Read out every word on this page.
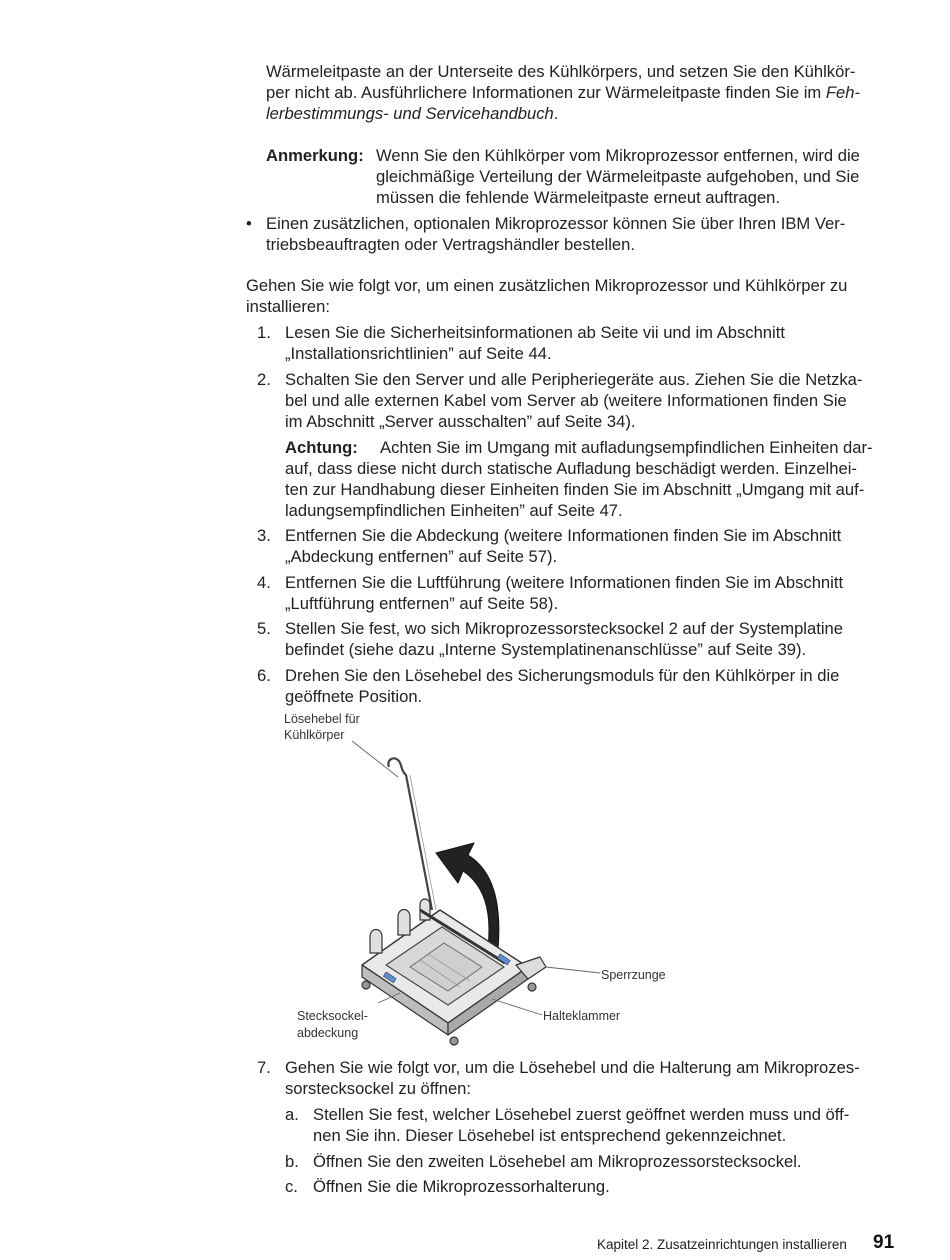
Wärmeleitpaste an der Unterseite des Kühlkörpers, und setzen Sie den Kühlkör-
per nicht ab. Ausführlichere Informationen zur Wärmeleitpaste finden Sie im Feh-
lerbestimmungs- und Servicehandbuch.
Anmerkung: Wenn Sie den Kühlkörper vom Mikroprozessor entfernen, wird die
gleichmäßige Verteilung der Wärmeleitpaste aufgehoben, und Sie
müssen die fehlende Wärmeleitpaste erneut auftragen.
• Einen zusätzlichen, optionalen Mikroprozessor können Sie über Ihren IBM Ver-
triebsbeauftragten oder Vertragshändler bestellen.
Gehen Sie wie folgt vor, um einen zusätzlichen Mikroprozessor und Kühlkörper zu
installieren:
1. Lesen Sie die Sicherheitsinformationen ab Seite vii und im Abschnitt
„Installationsrichtlinien” auf Seite 44.
2. Schalten Sie den Server und alle Peripheriegeräte aus. Ziehen Sie die Netzka-
bel und alle externen Kabel vom Server ab (weitere Informationen finden Sie
im Abschnitt „Server ausschalten” auf Seite 34).
Achtung: Achten Sie im Umgang mit aufladungsempfindlichen Einheiten dar-
auf, dass diese nicht durch statische Aufladung beschädigt werden. Einzelhei-
ten zur Handhabung dieser Einheiten finden Sie im Abschnitt „Umgang mit auf-
ladungsempfindlichen Einheiten” auf Seite 47.
3. Entfernen Sie die Abdeckung (weitere Informationen finden Sie im Abschnitt
„Abdeckung entfernen” auf Seite 57).
4. Entfernen Sie die Luftführung (weitere Informationen finden Sie im Abschnitt
„Luftführung entfernen” auf Seite 58).
5. Stellen Sie fest, wo sich Mikroprozessorstecksockel 2 auf der Systemplatine
befindet (siehe dazu „Interne Systemplatinenanschlüsse” auf Seite 39).
6. Drehen Sie den Lösehebel des Sicherungsmoduls für den Kühlkörper in die
geöffnete Position.
Lösehebel für
Kühlkörper
Sperrzunge
Stecksockel-
abdeckung
Halteklammer
7. Gehen Sie wie folgt vor, um die Lösehebel und die Halterung am Mikroprozes-
sorstecksockel zu öffnen:
a. Stellen Sie fest, welcher Lösehebel zuerst geöffnet werden muss und öff-
nen Sie ihn. Dieser Lösehebel ist entsprechend gekennzeichnet.
b. Öffnen Sie den zweiten Lösehebel am Mikroprozessorstecksockel.
c. Öffnen Sie die Mikroprozessorhalterung.
Kapitel 2. Zusatzeinrichtungen installieren 91
